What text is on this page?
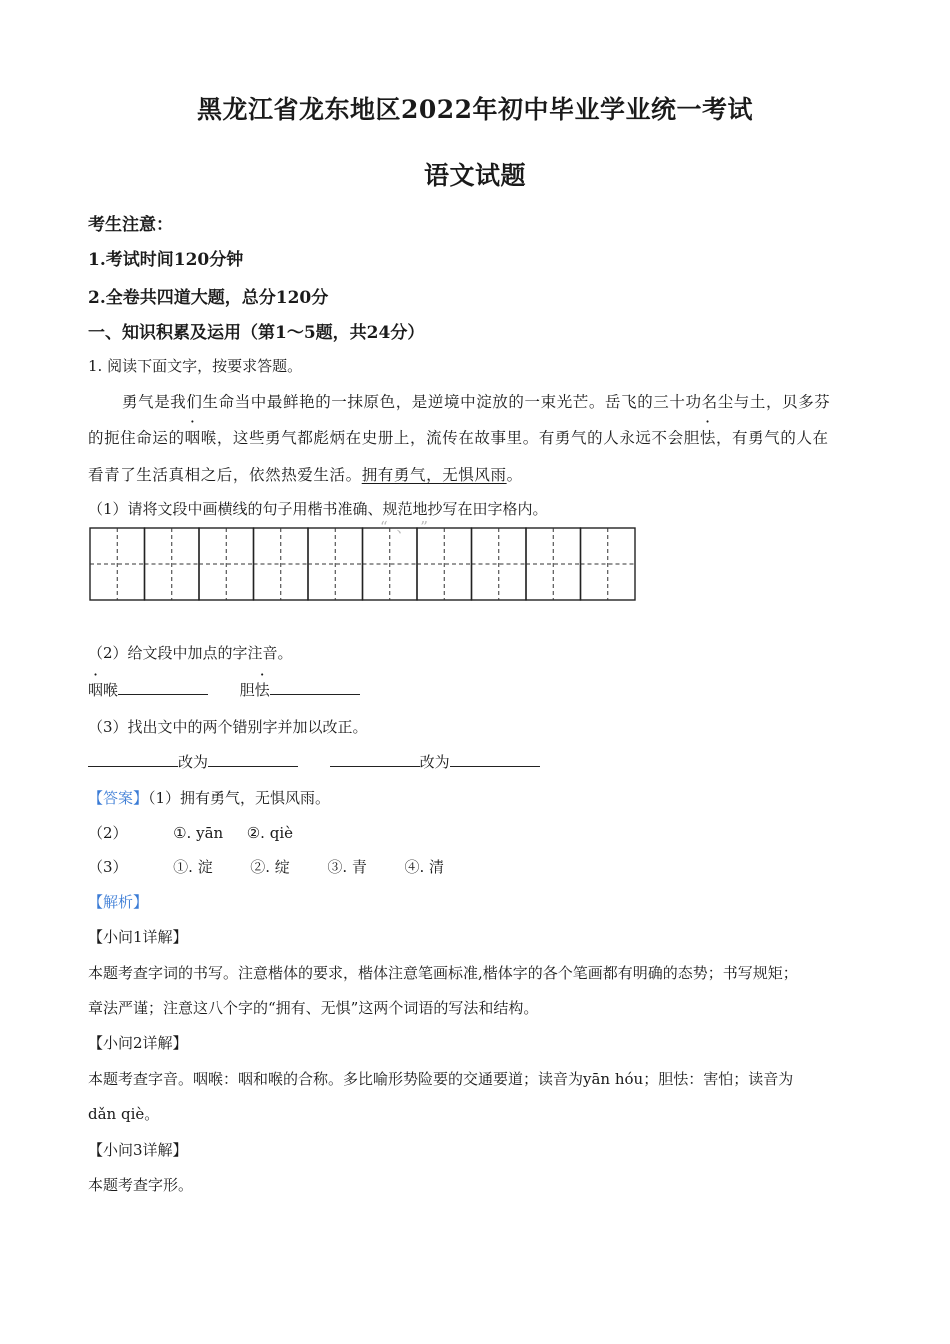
黑龙江省龙东地区2022年初中毕业学业统一考试
语文试题
考生注意：
1.考试时间120分钟
2.全卷共四道大题，总分120分
一、知识积累及运用（第1～5题，共24分）
1. 阅读下面文字，按要求答题。
勇气是我们生命当中最鲜艳的一抹原色，是逆境中淀放的一束光芒。岳飞的三十功名尘与土，贝多芬
的扼住命运的咽喉，这些勇气都彪炳在史册上，流传在故事里。有勇气的人永远不会胆怯，有勇气的人在
看青了生活真相之后，依然热爱生活。拥有勇气，无惧风雨。
（1）请将文段中画横线的句子用楷书准确、规范地抄写在田字格内。
“ 、 ”
（2）给文段中加点的字注音。
咽喉	胆怯
（3）找出文中的两个错别字并加以改正。
改为	改为
【答案】（1）拥有勇气，无惧风雨。
（2）	①. yān ②. qiè
（3）	①. 淀	②. 绽	③. 青	④. 清
【解析】
【小问1详解】
本题考查字词的书写。注意楷体的要求，楷体注意笔画标准,楷体字的各个笔画都有明确的态势；书写规矩；
章法严谨；注意这八个字的“拥有、无惧”这两个词语的写法和结构。
【小问2详解】
本题考查字音。咽喉：咽和喉的合称。多比喻形势险要的交通要道；读音为yān hóu；胆怯：害怕；读音为
dǎn qiè。
【小问3详解】
本题考查字形。
